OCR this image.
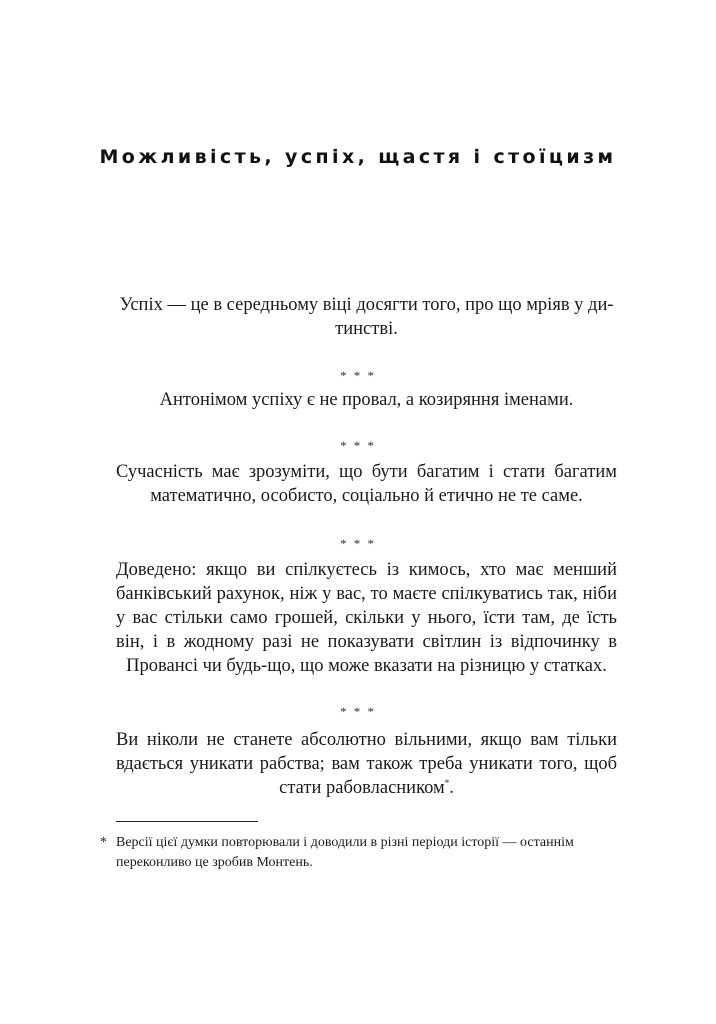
Можливість, успіх, щастя і стоїцизм
Успіх — це в середньому віці досягти того, про що мріяв у ди-
тинстві.
* * *
Антонімом успіху є не провал, а козиряння іменами.
* * *
Сучасність має зрозуміти, що бути багатим і стати багатим математично, особисто, соціально й етично не те саме.
* * *
Доведено: якщо ви спілкуєтесь із кимось, хто має менший банківський рахунок, ніж у вас, то маєте спілкуватись так, ніби у вас стільки само грошей, скільки у нього, їсти там, де їсть він, і в жодному разі не показувати світлин із відпочинку в Провансі чи будь-що, що може вказати на різницю у статках.
* * *
Ви ніколи не станете абсолютно вільними, якщо вам тільки вдається уникати рабства; вам також треба уникати того, щоб стати рабовласником*.
* Версії цієї думки повторювали і доводили в різні періоди історії — останнім
переконливо це зробив Монтень.
